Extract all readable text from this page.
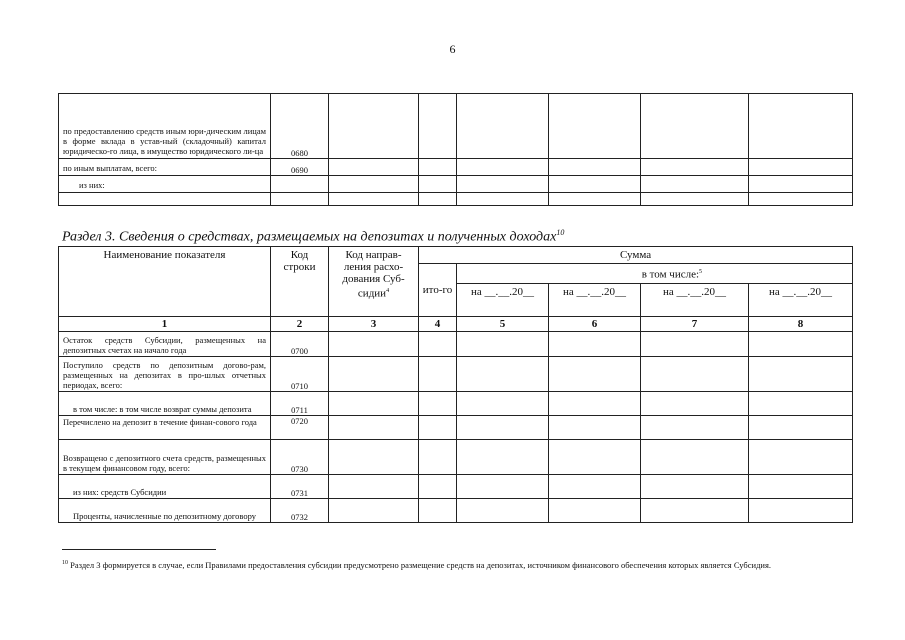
6
по предоставлению средств иным юри-дическим лицам в форме вклада в устав-ный (складочный) капитал юридическо-го лица, в имущество юридического ли-ца	0680						
по иным выплатам, всего:	0690						
из них:							

Раздел 3. Сведения о средствах, размещаемых на депозитах и полученных доходах$^{10}$
Наименование показателя	Код строки	Код направ-ления расхо-дования Суб-сидии$^4$	Сумма				
			ито-го	в том числе:$^5$
				на __.__.20__	на __.__.20__	на __.__.20__	на __.__.20__
1	2	3	4	5	6	7	8
Остаток средств Субсидии, размещенных на депозитных счетах на начало года	0700						
Поступило средств по депозитным догово-рам, размещенных на депозитах в про-шлых отчетных периодах, всего:	0710						
в том числе: в том числе возврат суммы депозита	0711						
Перечислено на депозит в течение финан-сового года	0720						
Возвращено с депозитного счета средств, размещенных в текущем финансовом году, всего:	0730						
из них: средств Субсидии	0731						
Проценты, начисленные по депозитному договору	0732						
$^{10}$ Раздел 3 формируется в случае, если Правилами предоставления субсидии предусмотрено размещение средств на депозитах, источником финансового обеспечения которых является Субсидия.
